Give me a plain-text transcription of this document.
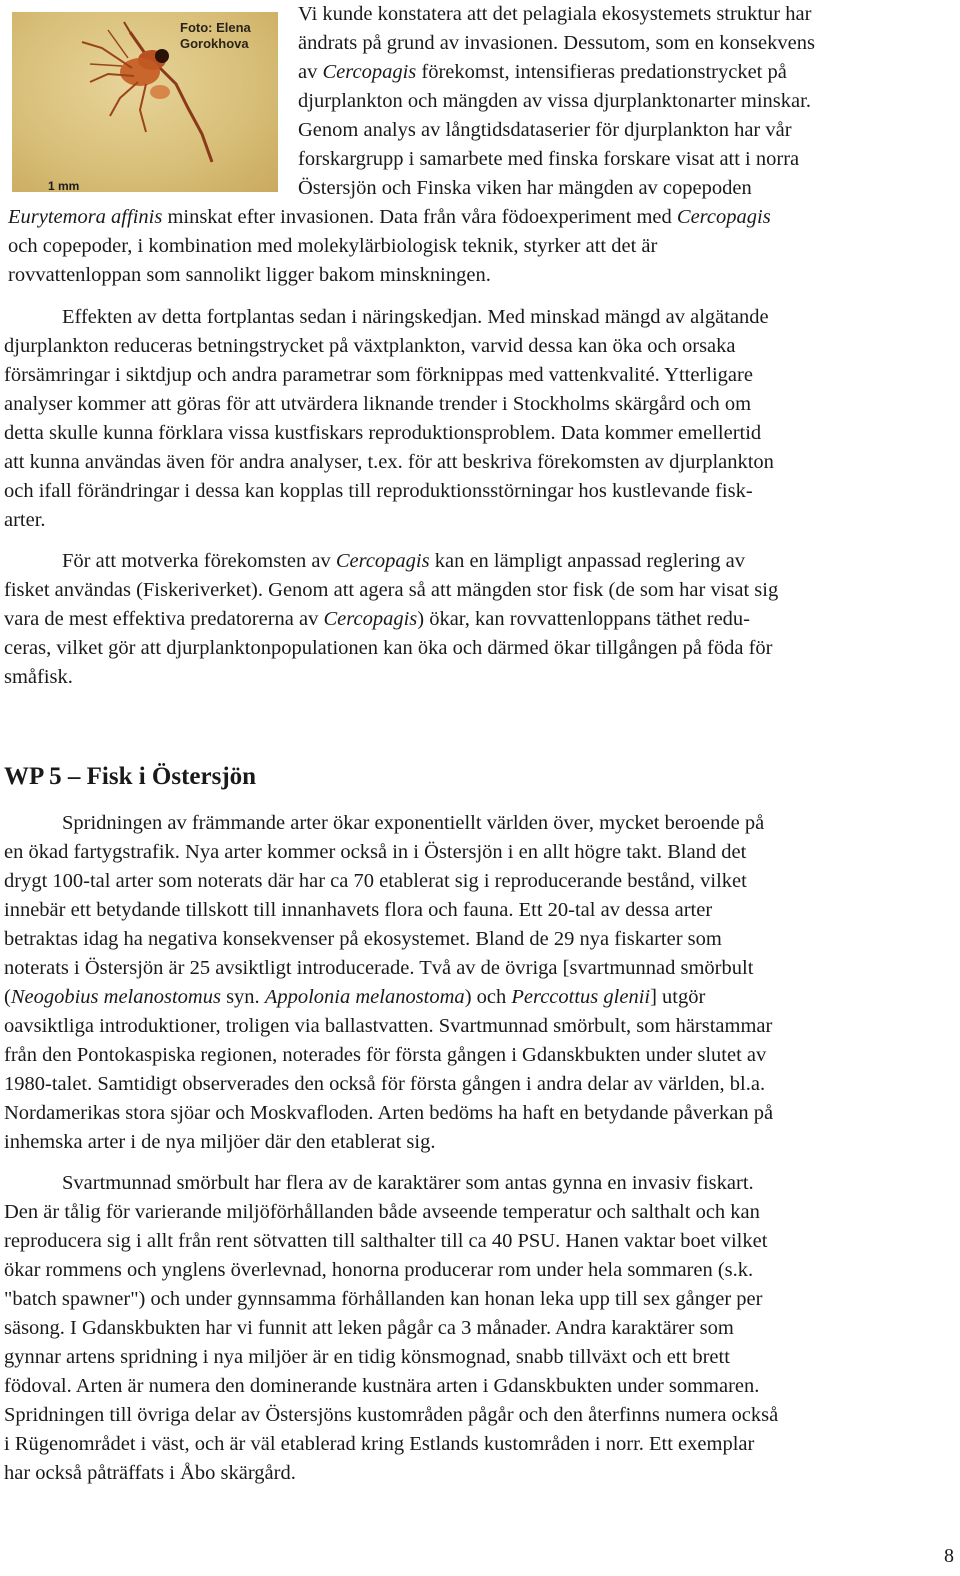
Foto: Elena Gorokhova
1 mm
Vi kunde konstatera att det pelagiala ekosystemets struktur har
ändrats på grund av invasionen. Dessutom, som en konsekvens
av Cercopagis förekomst, intensifieras predationstrycket på
djurplankton och mängden av vissa djurplanktonarter minskar.
Genom analys av långtidsdataserier för djurplankton har vår
forskargrupp i samarbete med finska forskare visat att i norra
Östersjön och Finska viken har mängden av copepoden
Eurytemora affinis minskat efter invasionen. Data från våra födoexperiment med Cercopagis
och copepoder, i kombination med molekylärbiologisk teknik, styrker att det är
rovvattenloppan som sannolikt ligger bakom minskningen.
Effekten av detta fortplantas sedan i näringskedjan. Med minskad mängd av algätande
djurplankton reduceras betningstrycket på växtplankton, varvid dessa kan öka och orsaka
försämringar i siktdjup och andra parametrar som förknippas med vattenkvalité. Ytterligare
analyser kommer att göras för att utvärdera liknande trender i Stockholms skärgård och om
detta skulle kunna förklara vissa kustfiskars reproduktionsproblem. Data kommer emellertid
att kunna användas även för andra analyser, t.ex. för att beskriva förekomsten av djurplankton
och ifall förändringar i dessa kan kopplas till reproduktionsstörningar hos kustlevande fisk-
arter.
För att motverka förekomsten av Cercopagis kan en lämpligt anpassad reglering av
fisket användas (Fiskeriverket). Genom att agera så att mängden stor fisk (de som har visat sig
vara de mest effektiva predatorerna av Cercopagis) ökar, kan rovvattenloppans täthet redu-
ceras, vilket gör att djurplanktonpopulationen kan öka och därmed ökar tillgången på föda för
småfisk.
WP 5 – Fisk i Östersjön
Spridningen av främmande arter ökar exponentiellt världen över, mycket beroende på
en ökad fartygstrafik. Nya arter kommer också in i Östersjön i en allt högre takt. Bland det
drygt 100-tal arter som noterats där har ca 70 etablerat sig i reproducerande bestånd, vilket
innebär ett betydande tillskott till innanhavets flora och fauna. Ett 20-tal av dessa arter
betraktas idag ha negativa konsekvenser på ekosystemet. Bland de 29 nya fiskarter som
noterats i Östersjön är 25 avsiktligt introducerade. Två av de övriga [svartmunnad smörbult
(Neogobius melanostomus syn. Appolonia melanostoma) och Perccottus glenii] utgör
oavsiktliga introduktioner, troligen via ballastvatten. Svartmunnad smörbult, som härstammar
från den Pontokaspiska regionen, noterades för första gången i Gdanskbukten under slutet av
1980-talet. Samtidigt observerades den också för första gången i andra delar av världen, bl.a.
Nordamerikas stora sjöar och Moskvafloden. Arten bedöms ha haft en betydande påverkan på
inhemska arter i de nya miljöer där den etablerat sig.
Svartmunnad smörbult har flera av de karaktärer som antas gynna en invasiv fiskart.
Den är tålig för varierande miljöförhållanden både avseende temperatur och salthalt och kan
reproducera sig i allt från rent sötvatten till salthalter till ca 40 PSU. Hanen vaktar boet vilket
ökar rommens och ynglens överlevnad, honorna producerar rom under hela sommaren (s.k.
"batch spawner") och under gynnsamma förhållanden kan honan leka upp till sex gånger per
säsong. I Gdanskbukten har vi funnit att leken pågår ca 3 månader. Andra karaktärer som
gynnar artens spridning i nya miljöer är en tidig könsmognad, snabb tillväxt och ett brett
födoval. Arten är numera den dominerande kustnära arten i Gdanskbukten under sommaren.
Spridningen till övriga delar av Östersjöns kustområden pågår och den återfinns numera också
i Rügenområdet i väst, och är väl etablerad kring Estlands kustområden i norr. Ett exemplar
har också påträffats i Åbo skärgård.
8
